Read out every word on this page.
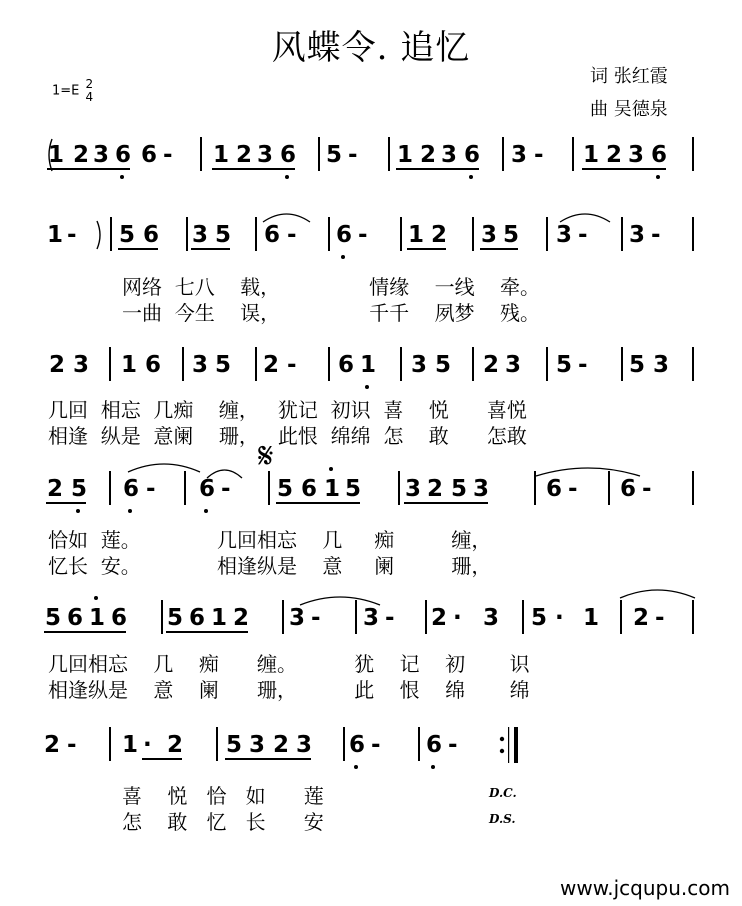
风蝶令. 追忆
1=E 2
4
词 张红霞
曲 吴德泉
1 2 3 6 6 - 1 2 3 6 5 - 1 2 3 6 3 - 1 2 3 6
1 - 5 6 3 5 6 - 6 - 1 2 3 5 3 - 3 -
网络  七八    载，              情缘    一线    牵。
一曲  今生    误，              千千    夙梦    残。
2 3 1 6 3 5 2 - 6 1 3 5 2 3 5 - 5 3
几回  相忘  几痴    缠，   犹记  初识  喜    悦      喜悦
相逢  纵是  意阑    珊，   此恨  绵绵  怎    敢      怎敢
2 5 6 - 6 - 5 6 1 5 3 2 5 3 6 - 6 -
恰如  莲。            几回相忘    几     痴         缠，
忆长  安。            相逢纵是    意     阑         珊，
5 6 1 6 5 6 1 2 3 - 3 - 2 · 3 5 · 1 2 -
几回相忘    几    痴      缠。         犹    记    初       识
相逢纵是    意    阑      珊，         此    恨    绵       绵
2 - 1 · 2 5 3 2 3 6 - 6 -
喜    悦   恰   如      莲
怎    敢   忆   长      安
𝄋
D.C.
D.S.
www.jcqupu.com
